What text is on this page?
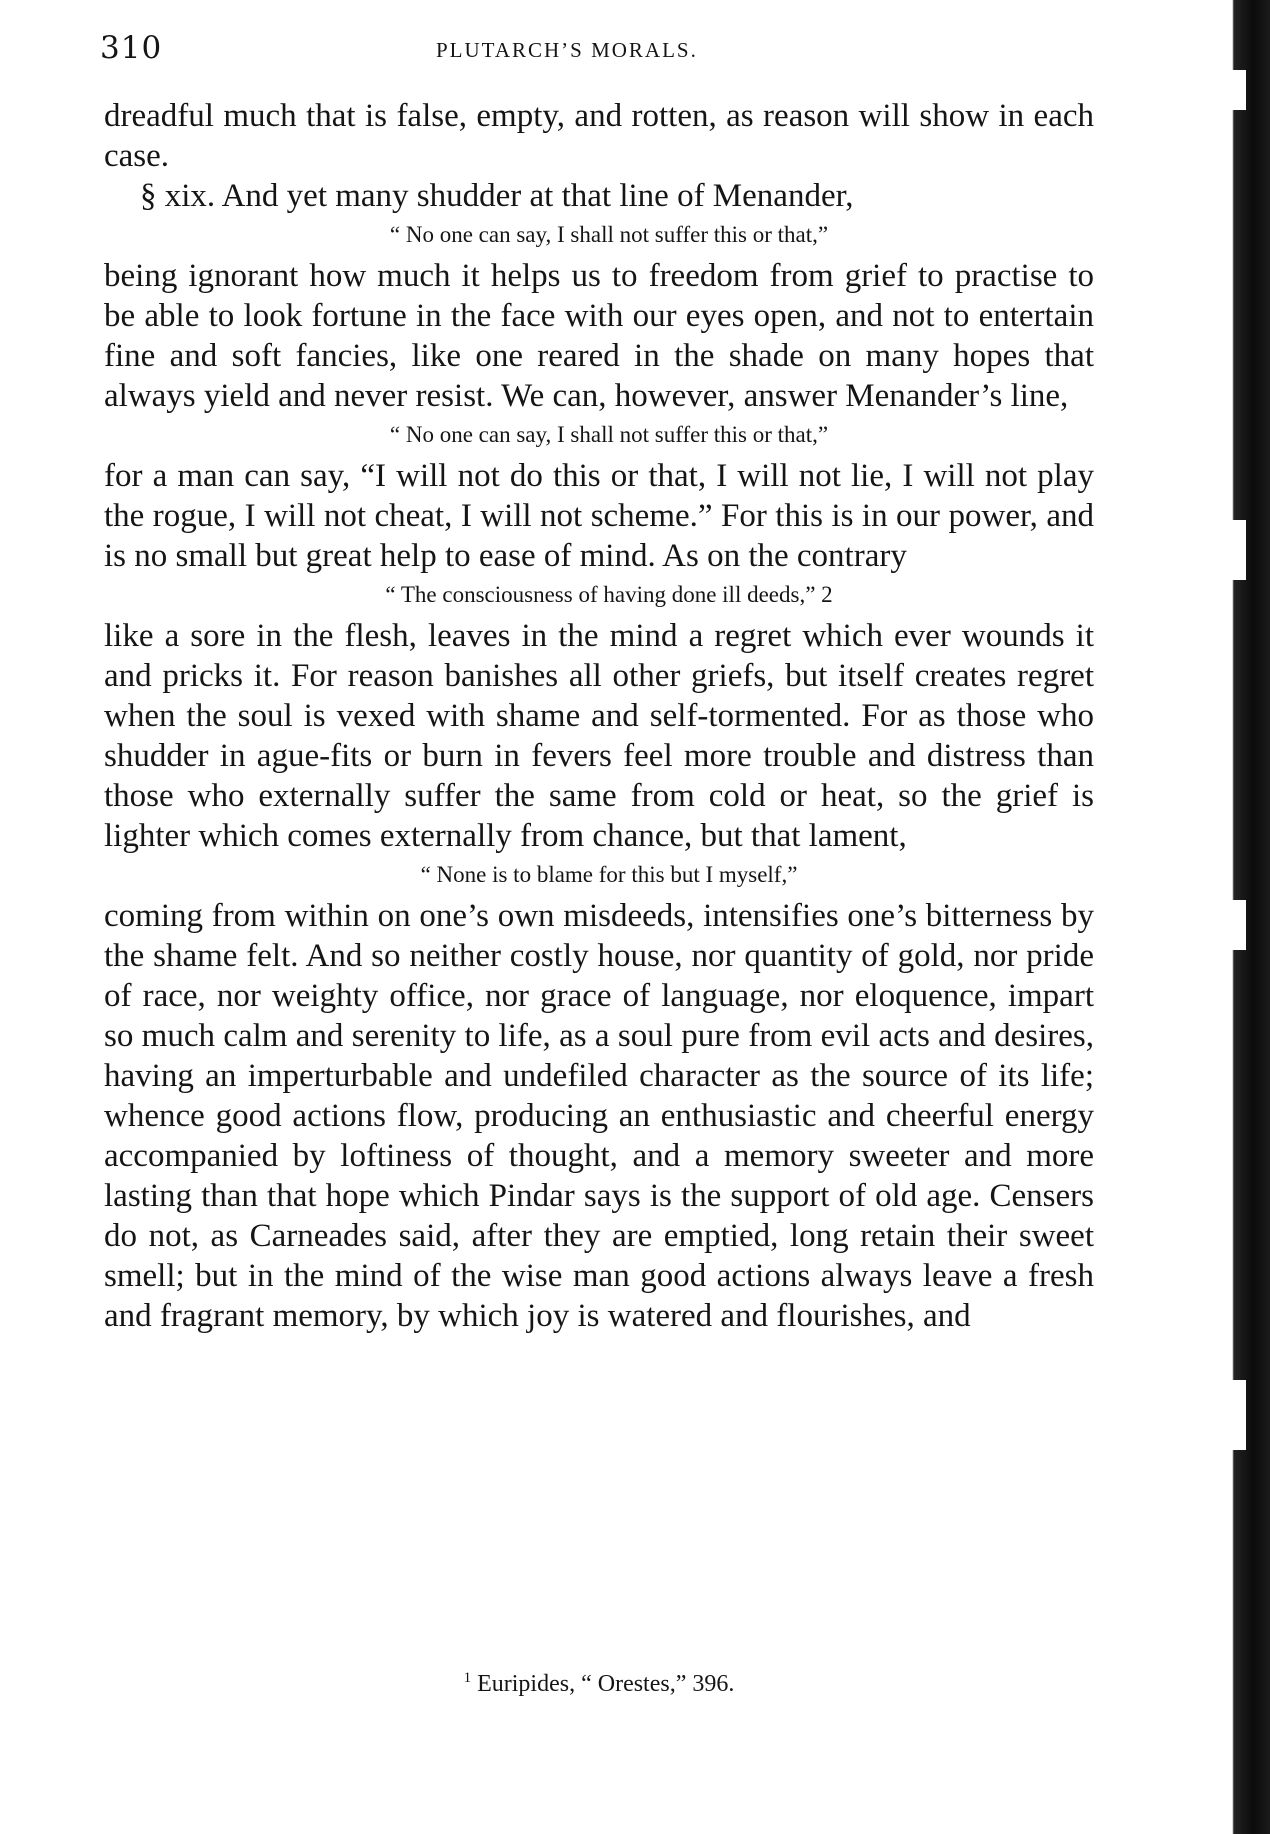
310	PLUTARCH’S MORALS.

dreadful much that is false, empty, and rotten, as reason will show in each case.

§ xix. And yet many shudder at that line of Menander,

“ No one can say, I shall not suffer this or that,”

being ignorant how much it helps us to freedom from grief to practise to be able to look fortune in the face with our eyes open, and not to entertain fine and soft fancies, like one reared in the shade on many hopes that always yield and never resist. We can, however, answer Menander’s line,

“ No one can say, I shall not suffer this or that,”

for a man can say, “I will not do this or that, I will not lie, I will not play the rogue, I will not cheat, I will not scheme.” For this is in our power, and is no small but great help to ease of mind. As on the contrary

“ The consciousness of having done ill deeds,” 2

like a sore in the flesh, leaves in the mind a regret which ever wounds it and pricks it. For reason banishes all other griefs, but itself creates regret when the soul is vexed with shame and self-tormented. For as those who shudder in ague-fits or burn in fevers feel more trouble and distress than those who externally suffer the same from cold or heat, so the grief is lighter which comes externally from chance, but that lament,

“ None is to blame for this but I myself,”

coming from within on one’s own misdeeds, intensifies one’s bitterness by the shame felt. And so neither costly house, nor quantity of gold, nor pride of race, nor weighty office, nor grace of language, nor eloquence, impart so much calm and serenity to life, as a soul pure from evil acts and desires, having an imperturbable and undefiled character as the source of its life; whence good actions flow, producing an enthusiastic and cheerful energy accompanied by loftiness of thought, and a memory sweeter and more lasting than that hope which Pindar says is the support of old age. Censers do not, as Carneades said, after they are emptied, long retain their sweet smell; but in the mind of the wise man good actions always leave a fresh and fragrant memory, by which joy is watered and flourishes, and

$^1$ Euripides, “ Orestes,” 396.
